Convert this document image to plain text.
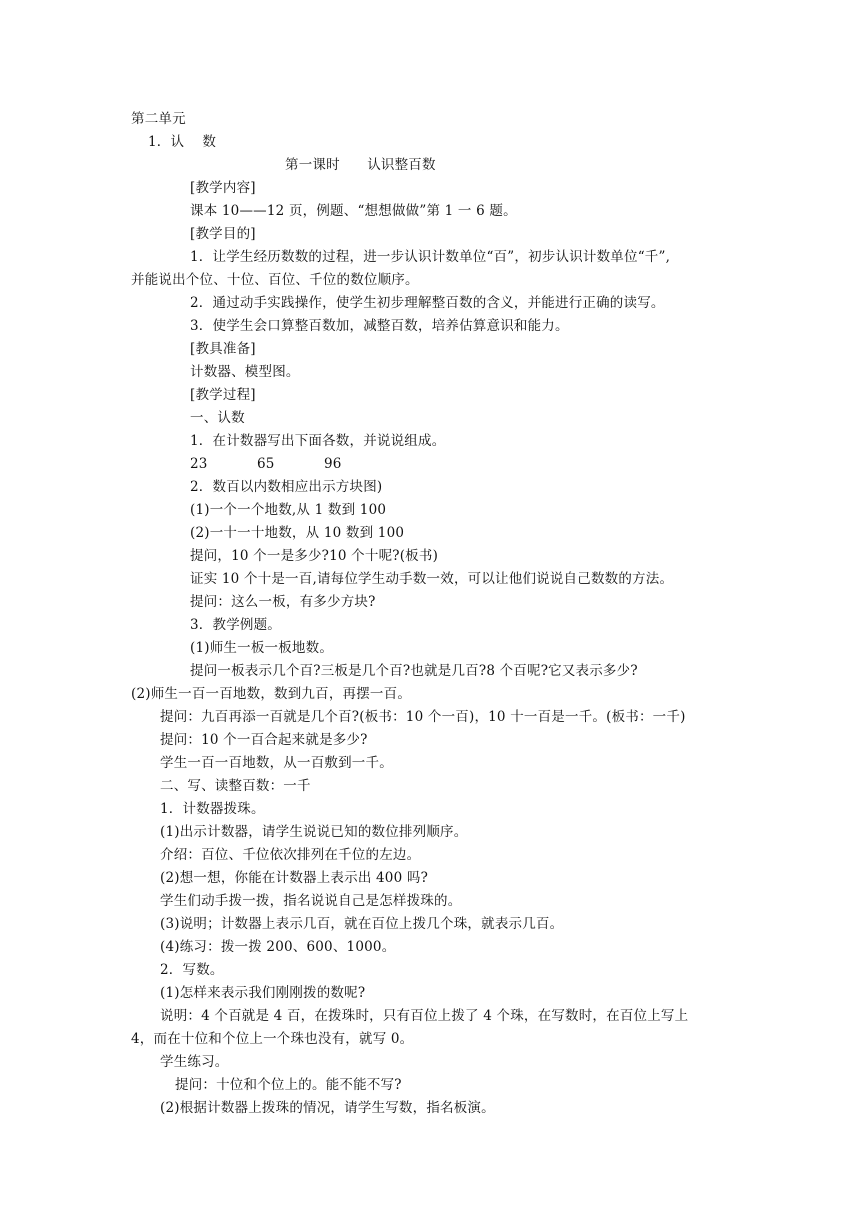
第二单元
1．认　 数
第一课时　　认识整百数
[教学内容]
课本 10——12 页，例题、“想想做做”第 1 一 6 题。
[教学目的]
1．让学生经历数数的过程，进一步认识计数单位“百”，初步认识计数单位“千”,
并能说出个位、十位、百位、千位的数位顺序。
2．通过动手实践操作，使学生初步理解整百数的含义，并能进行正确的读写。
3．使学生会口算整百数加，减整百数，培养估算意识和能力。
[教具准备]
计数器、模型图。
[教学过程]
一、认数
1．在计数器写出下面各数，并说说组成。
23	65	96
2．数百以内数相应出示方块图)
(1)一个一个地数,从 1 数到 100
(2)一十一十地数，从 10 数到 100
提问，10 个一是多少?10 个十呢?(板书)
证实 10 个十是一百,请每位学生动手数一效，可以让他们说说自己数数的方法。
提问：这么一板，有多少方块?
3．教学例题。
(1)师生一板一板地数。
提问一板表示几个百?三板是几个百?也就是几百?8 个百呢?它又表示多少?
(2)师生一百一百地数，数到九百，再摆一百。
提问：九百再添一百就是几个百?(板书：10 个一百)，10 十一百是一千。(板书：一千)
提问：10 个一百合起来就是多少?
学生一百一百地数，从一百敷到一千。
二、写、读整百数：一千
1．计数器拨珠。
(1)出示计数器，请学生说说已知的数位排列顺序。
介绍：百位、千位依次排列在千位的左边。
(2)想一想，你能在计数器上表示出 400 吗?
学生们动手拨一拨，指名说说自己是怎样拨珠的。
(3)说明；计数器上表示几百，就在百位上拨几个珠，就表示几百。
(4)练习：拨一拨 200、600、1000。
2．写数。
(1)怎样来表示我们刚刚拨的数呢?
说明：4 个百就是 4 百，在拨珠时，只有百位上拨了 4 个珠，在写数时，在百位上写上
4，而在十位和个位上一个珠也没有，就写 0。
学生练习。
提问：十位和个位上的。能不能不写?
(2)根据计数器上拨珠的情况，请学生写数，指名板演。
